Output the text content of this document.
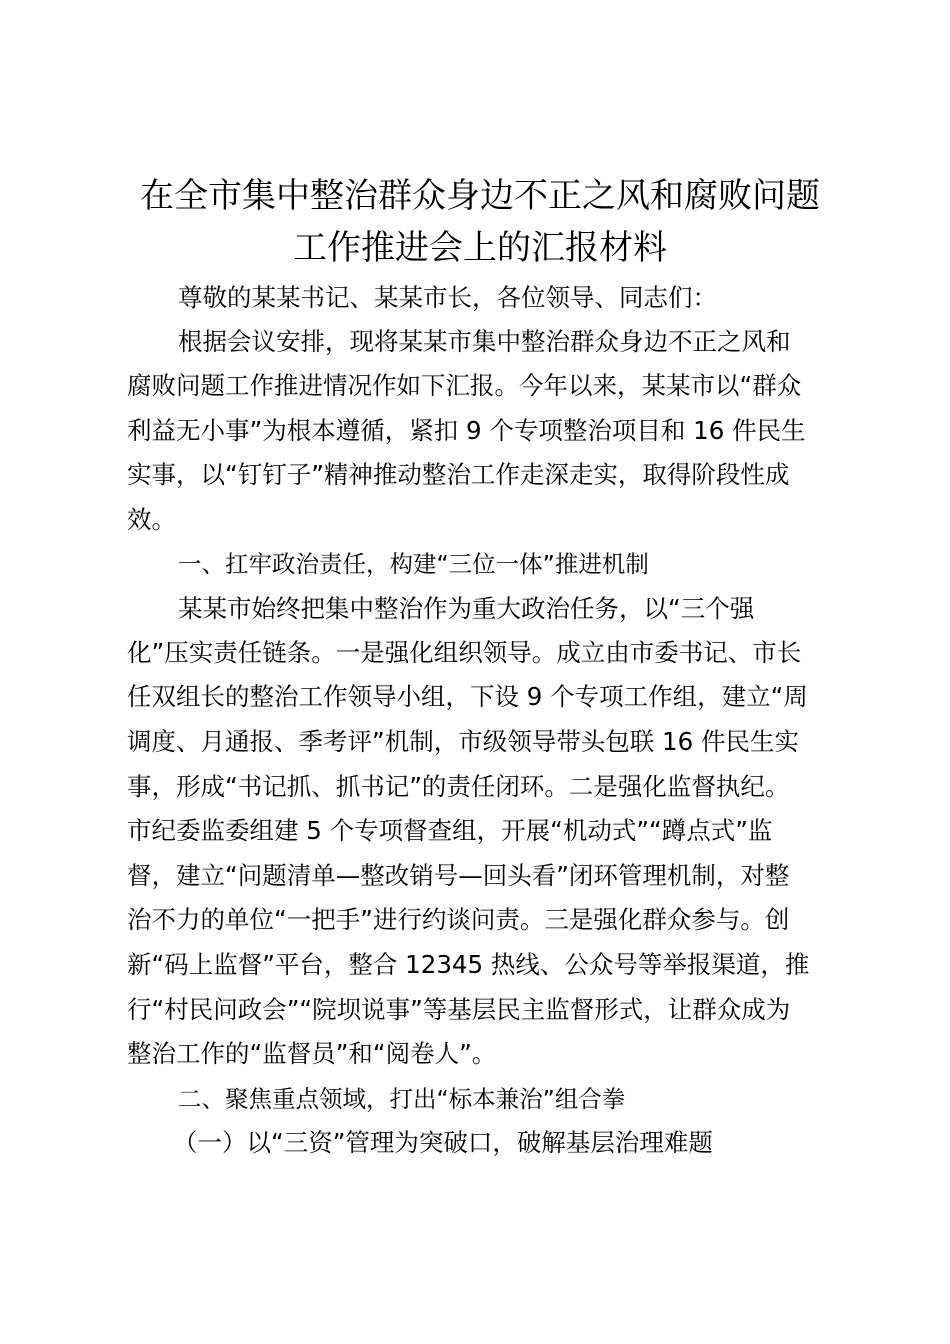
在全市集中整治群众身边不正之风和腐败问题
工作推进会上的汇报材料
尊敬的某某书记、某某市长，各位领导、同志们：
根据会议安排，现将某某市集中整治群众身边不正之风和
腐败问题工作推进情况作如下汇报。今年以来，某某市以“群众
利益无小事”为根本遵循，紧扣 9 个专项整治项目和 16 件民生
实事，以“钉钉子”精神推动整治工作走深走实，取得阶段性成
效。
一、扛牢政治责任，构建“三位一体”推进机制
某某市始终把集中整治作为重大政治任务，以“三个强
化”压实责任链条。一是强化组织领导。成立由市委书记、市长
任双组长的整治工作领导小组，下设 9 个专项工作组，建立“周
调度、月通报、季考评”机制，市级领导带头包联 16 件民生实
事，形成“书记抓、抓书记”的责任闭环。二是强化监督执纪。
市纪委监委组建 5 个专项督查组，开展“机动式”“蹲点式”监
督，建立“问题清单—整改销号—回头看”闭环管理机制，对整
治不力的单位“一把手”进行约谈问责。三是强化群众参与。创
新“码上监督”平台，整合 12345 热线、公众号等举报渠道，推
行“村民问政会”“院坝说事”等基层民主监督形式，让群众成为
整治工作的“监督员”和“阅卷人”。
二、聚焦重点领域，打出“标本兼治”组合拳
（一）以“三资”管理为突破口，破解基层治理难题
